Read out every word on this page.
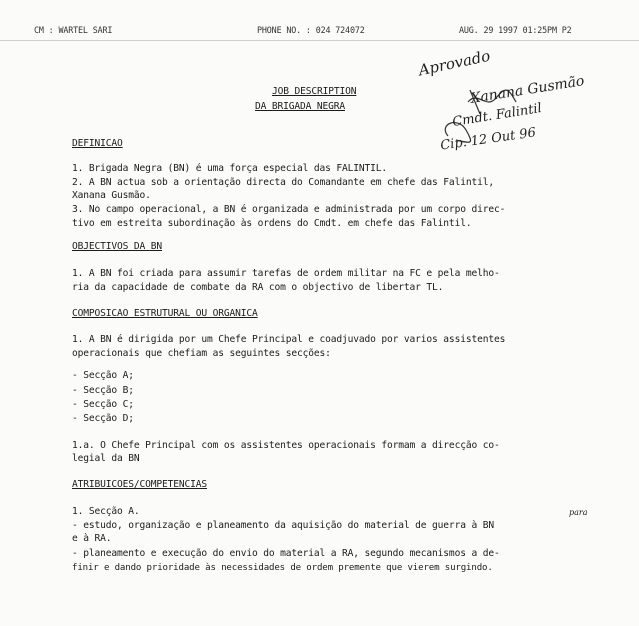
CM : WARTEL SARI	PHONE NO. : 024 724072	AUG. 29 1997 01:25PM P2
Aprovado
Xanana Gusmão
Cmdt. Falintil
Cip. 12 Out 96
JOB DESCRIPTION
DA BRIGADA NEGRA
DEFINICAO
1. Brigada Negra (BN) é uma força especial das FALINTIL.
2. A BN actua sob a orientação directa do Comandante em chefe das Falintil,
Xanana Gusmão.
3. No campo operacional, a BN é organizada e administrada por um corpo direc-
tivo em estreita subordinação às ordens do Cmdt. em chefe das Falintil.
OBJECTIVOS DA BN
1. A BN foi criada para assumir tarefas de ordem militar na FC e pela melho-
ria da capacidade de combate da RA com o objectivo de libertar TL.
COMPOSICAO ESTRUTURAL OU ORGANICA
1. A BN é dirigida por um Chefe Principal e coadjuvado por varios assistentes
operacionais que chefiam as seguintes secções:
- Secção A;
- Secção B;
- Secção C;
- Secção D;
1.a. O Chefe Principal com os assistentes operacionais formam a direcção co-
legial da BN
ATRIBUICOES/COMPETENCIAS
1. Secção A.	para
- estudo, organização e planeamento da aquisição do material de guerra à BN
e à RA.
- planeamento e execução do envio do material a RA, segundo mecanismos a de-
finir e dando prioridade às necessidades de ordem premente que vierem surgindo.
